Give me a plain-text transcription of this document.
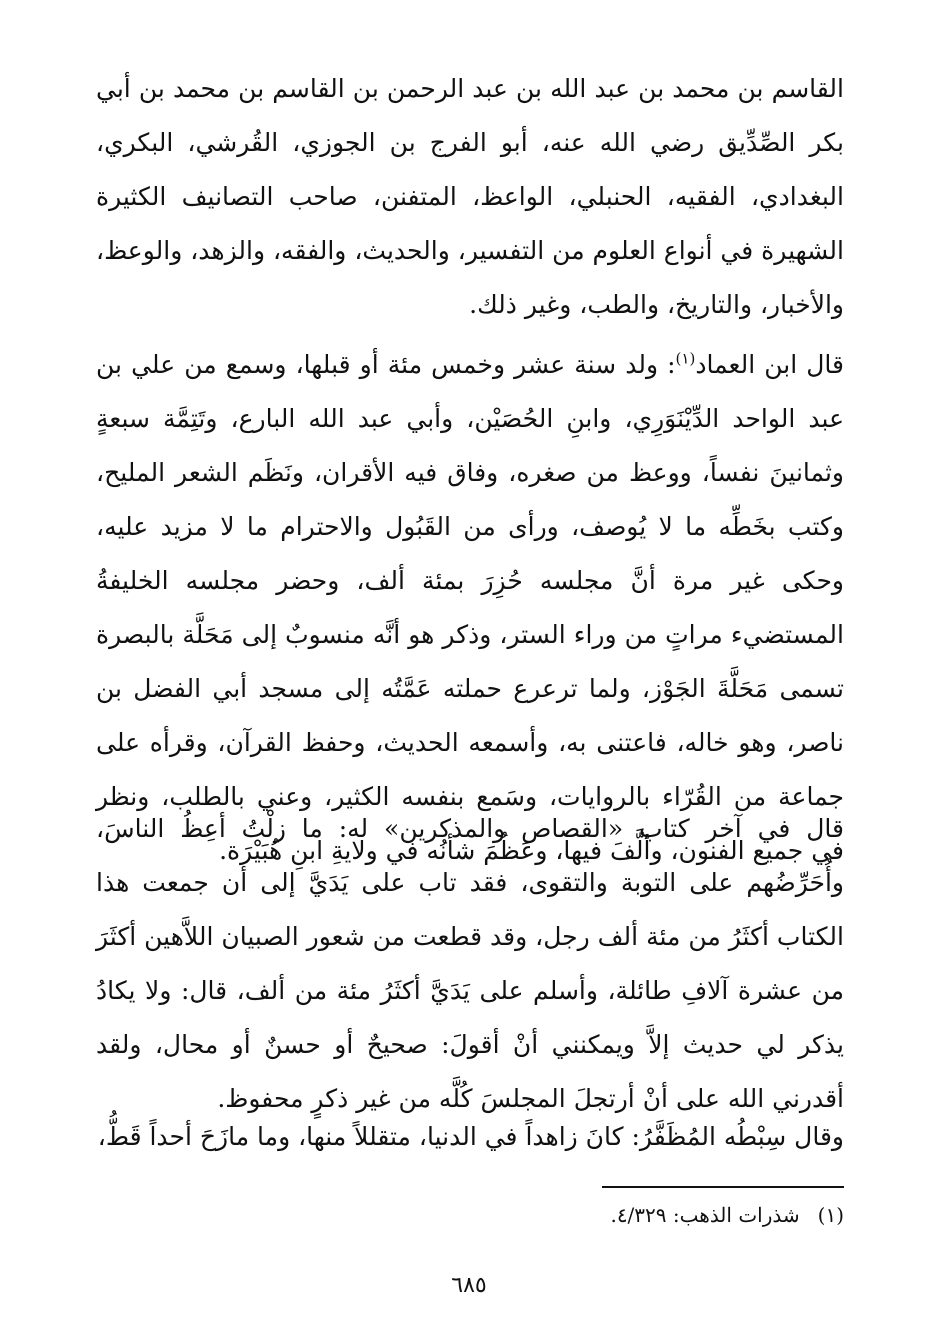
القاسم بن محمد بن عبد الله بن عبد الرحمن بن القاسم بن محمد بن أبي بكر الصِّدِّيق رضي الله عنه، أبو الفرج بن الجوزي، القُرشي، البكري، البغدادي، الفقيه، الحنبلي، الواعظ، المتفنن، صاحب التصانيف الكثيرة الشهيرة في أنواع العلوم من التفسير، والحديث، والفقه، والزهد، والوعظ، والأخبار، والتاريخ، والطب، وغير ذلك.

قال ابن العماد$^{(١)}$: ولد سنة عشر وخمس مئة أو قبلها، وسمع من علي بن عبد الواحد الدِّيْنَوَرِي، وابنِ الحُصَيْن، وأبي عبد الله البارع، وتَتِمَّة سبعةٍ وثمانينَ نفساً، ووعظ من صغره، وفاق فيه الأقران، ونَظَم الشعر المليح، وكتب بخَطِّه ما لا يُوصف، ورأى من القَبُول والاحترام ما لا مزيد عليه، وحكى غير مرة أنَّ مجلسه حُزِرَ بمئة ألف، وحضر مجلسه الخليفةُ المستضيء مراتٍ من وراء الستر، وذكر هو أنَّه منسوبٌ إلى مَحَلَّة بالبصرة تسمى مَحَلَّةَ الجَوْز، ولما ترعرع حملته عَمَّتُه إلى مسجد أبي الفضل بن ناصر، وهو خاله، فاعتنى به، وأسمعه الحديث، وحفظ القرآن، وقرأه على جماعة من القُرّاء بالروايات، وسَمع بنفسه الكثير، وعني بالطلب، ونظر في جميع الفنون، وألَّفَ فيها، وعَظُمَ شأنُه في ولايةِ ابنِ هُبَيْرَة.

قال في آخر كتاب «القصاص والمذكرين» له: ما زلْتُ أعِظُ الناسَ، وأُحَرِّضُهم على التوبة والتقوى، فقد تاب على يَدَيَّ إلى أن جمعت هذا الكتاب أكثَرُ من مئة ألف رجل، وقد قطعت من شعور الصبيان اللاَّهين أكثَرَ من عشرة آلافِ طائلة، وأسلم على يَدَيَّ أكثَرُ مئة من ألف، قال: ولا يكادُ يذكر لي حديث إلاَّ ويمكنني أنْ أقولَ: صحيحٌ أو حسنٌ أو محال، ولقد أقدرني الله على أنْ أرتجلَ المجلسَ كُلَّه من غير ذكرٍ محفوظ.

وقال سِبْطُه المُظَفَّرُ: كانَ زاهداً في الدنيا، متقللاً منها، وما مازَحَ أحداً قَطُّ،

(١)شذرات الذهب: ٤/٣٢٩.
٦٨٥
